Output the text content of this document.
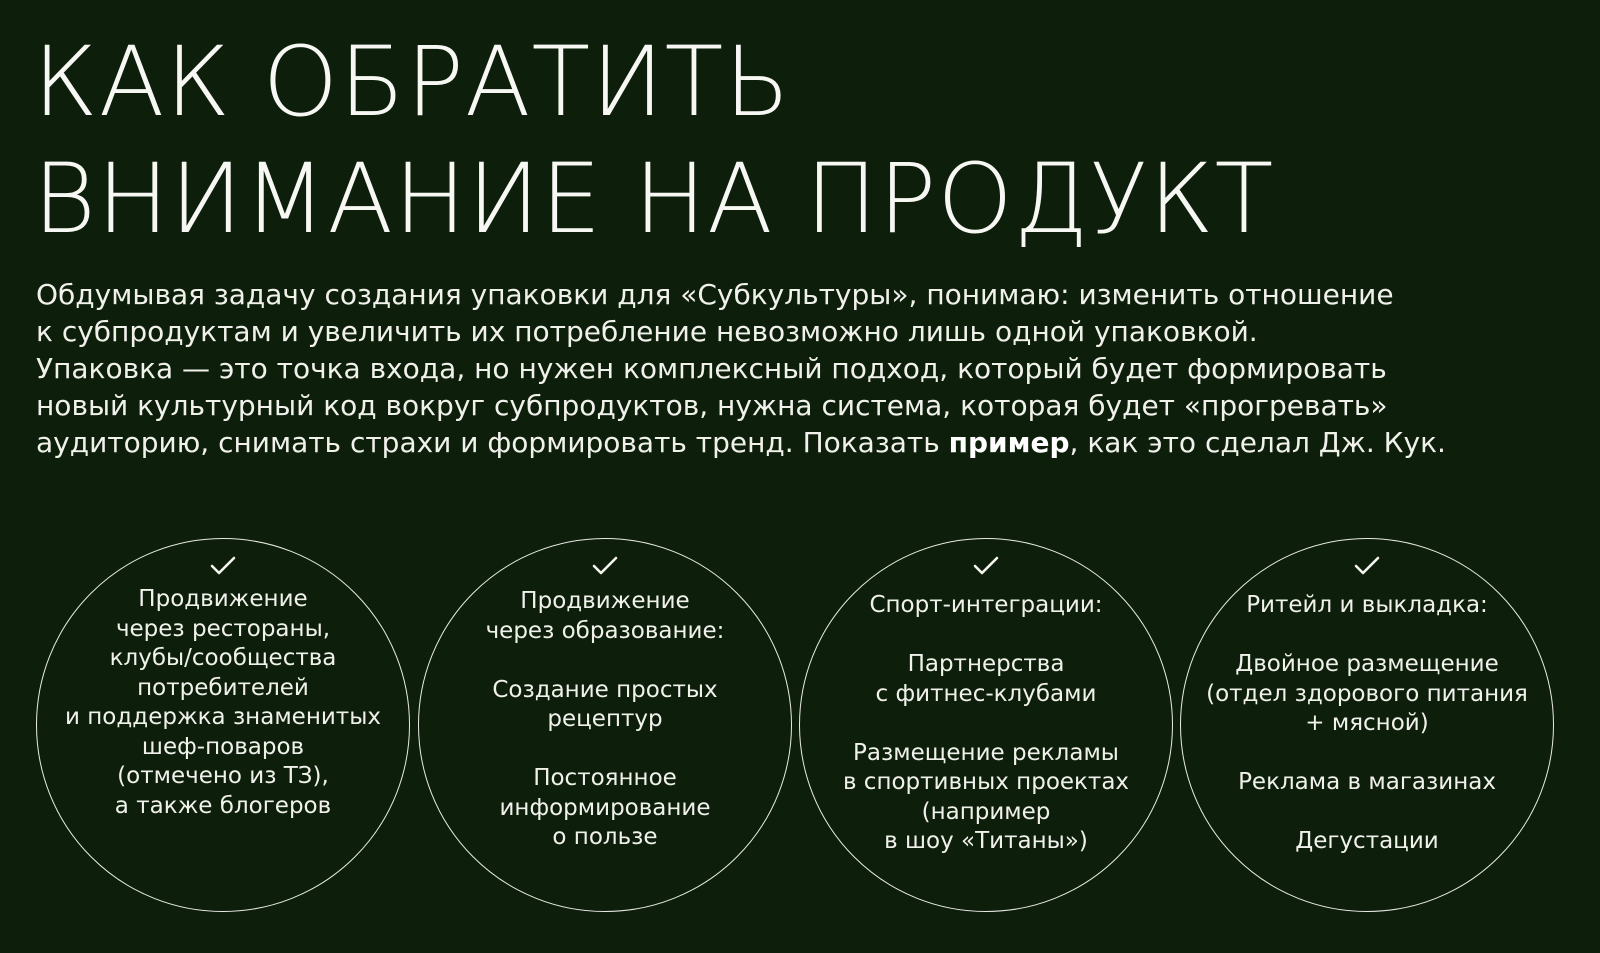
КАК ОБРАТИТЬ
ВНИМАНИЕ НА ПРОДУКТ

Обдумывая задачу создания упаковки для «Субкультуры», понимаю: изменить отношение
к субпродуктам и увеличить их потребление невозможно лишь одной упаковкой.
Упаковка — это точка входа, но нужен комплексный подход, который будет формировать
новый культурный код вокруг субпродуктов, нужна система, которая будет «прогревать»
аудиторию, снимать страхи и формировать тренд. Показать пример, как это сделал Дж. Кук.

Продвижение
через рестораны,
клубы/сообщества
потребителей
и поддержка знаменитых
шеф-поваров
(отмечено из ТЗ),
а также блогеров
Продвижение
через образование:
Создание простых
рецептур
Постоянное
информирование
о пользе
Спорт-интеграции:
Партнерства
с фитнес-клубами
Размещение рекламы
в спортивных проектах
(например
в шоу «Титаны»)
Ритейл и выкладка:
Двойное размещение
(отдел здорового питания
+ мясной)
Реклама в магазинах
Дегустации
